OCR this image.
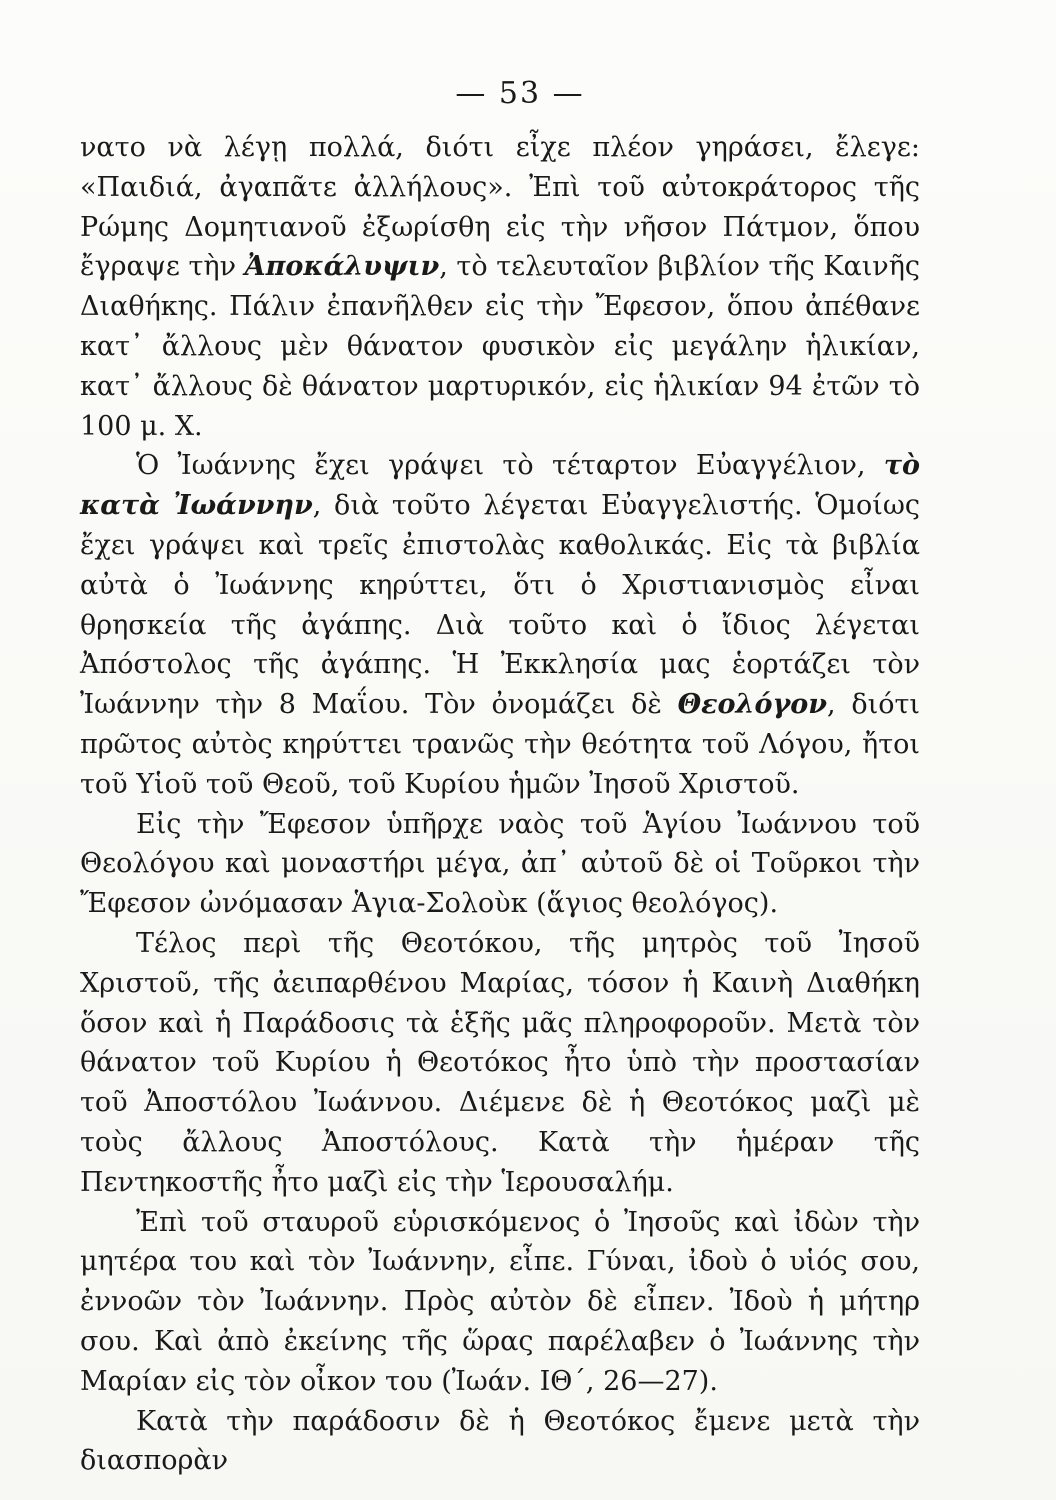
— 53 —

νατο νὰ λέγῃ πολλά, διότι εἶχε πλέον γηράσει, ἔλεγε: «Παιδιά, ἀγαπᾶτε ἀλλήλους». Ἐπὶ τοῦ αὐτοκράτορος τῆς Ρώμης Δομητιανοῦ ἐξωρίσθη εἰς τὴν νῆσον Πάτμον, ὅπου ἔγραψε τὴν Ἀποκάλυψιν, τὸ τελευταῖον βιβλίον τῆς Καινῆς Διαθήκης. Πάλιν ἐπανῆλθεν εἰς τὴν Ἔφεσον, ὅπου ἀπέθανε κατ᾽ ἄλλους μὲν θάνατον φυσικὸν εἰς μεγάλην ἡλικίαν, κατ᾽ ἄλλους δὲ θάνατον μαρτυρικόν, εἰς ἡλικίαν 94 ἐτῶν τὸ 100 μ. Χ.

Ὁ Ἰωάννης ἔχει γράψει τὸ τέταρτον Εὐαγγέλιον, τὸ κατὰ Ἰωάννην, διὰ τοῦτο λέγεται Εὐαγγελιστής. Ὁμοίως ἔχει γράψει καὶ τρεῖς ἐπιστολὰς καθολικάς. Εἰς τὰ βιβλία αὐτὰ ὁ Ἰωάννης κηρύττει, ὅτι ὁ Χριστιανισμὸς εἶναι θρησκεία τῆς ἀγάπης. Διὰ τοῦτο καὶ ὁ ἴδιος λέγεται Ἀπόστολος τῆς ἀγάπης. Ἡ Ἐκκλησία μας ἑορτάζει τὸν Ἰωάννην τὴν 8 Μαΐου. Τὸν ὀνομάζει δὲ Θεολόγον, διότι πρῶτος αὐτὸς κηρύττει τρανῶς τὴν θεότητα τοῦ Λόγου, ἤτοι τοῦ Υἱοῦ τοῦ Θεοῦ, τοῦ Κυρίου ἡμῶν Ἰησοῦ Χριστοῦ.

Εἰς τὴν Ἔφεσον ὑπῆρχε ναὸς τοῦ Ἁγίου Ἰωάννου τοῦ Θεολόγου καὶ μοναστήρι μέγα, ἀπ᾽ αὐτοῦ δὲ οἱ Τοῦρκοι τὴν Ἔφεσον ὠνόμασαν Ἁγια-Σολοὺκ (ἅγιος θεολόγος).

Τέλος περὶ τῆς Θεοτόκου, τῆς μητρὸς τοῦ Ἰησοῦ Χριστοῦ, τῆς ἀειπαρθένου Μαρίας, τόσον ἡ Καινὴ Διαθήκη ὅσον καὶ ἡ Παράδοσις τὰ ἑξῆς μᾶς πληροφοροῦν. Μετὰ τὸν θάνατον τοῦ Κυρίου ἡ Θεοτόκος ἦτο ὑπὸ τὴν προστασίαν τοῦ Ἀποστόλου Ἰωάννου. Διέμενε δὲ ἡ Θεοτόκος μαζὶ μὲ τοὺς ἄλλους Ἀποστόλους. Κατὰ τὴν ἡμέραν τῆς Πεντηκοστῆς ἦτο μαζὶ εἰς τὴν Ἱερουσαλήμ.

Ἐπὶ τοῦ σταυροῦ εὑρισκόμενος ὁ Ἰησοῦς καὶ ἰδὼν τὴν μητέρα του καὶ τὸν Ἰωάννην, εἶπε. Γύναι, ἰδοὺ ὁ υἱός σου, ἐννοῶν τὸν Ἰωάννην. Πρὸς αὐτὸν δὲ εἶπεν. Ἰδοὺ ἡ μήτηρ σου. Καὶ ἀπὸ ἐκείνης τῆς ὥρας παρέλαβεν ὁ Ἰωάννης τὴν Μαρίαν εἰς τὸν οἶκον του (Ἰωάν. ΙΘ΄, 26—27).

Κατὰ τὴν παράδοσιν δὲ ἡ Θεοτόκος ἔμενε μετὰ τὴν διασπορὰν
